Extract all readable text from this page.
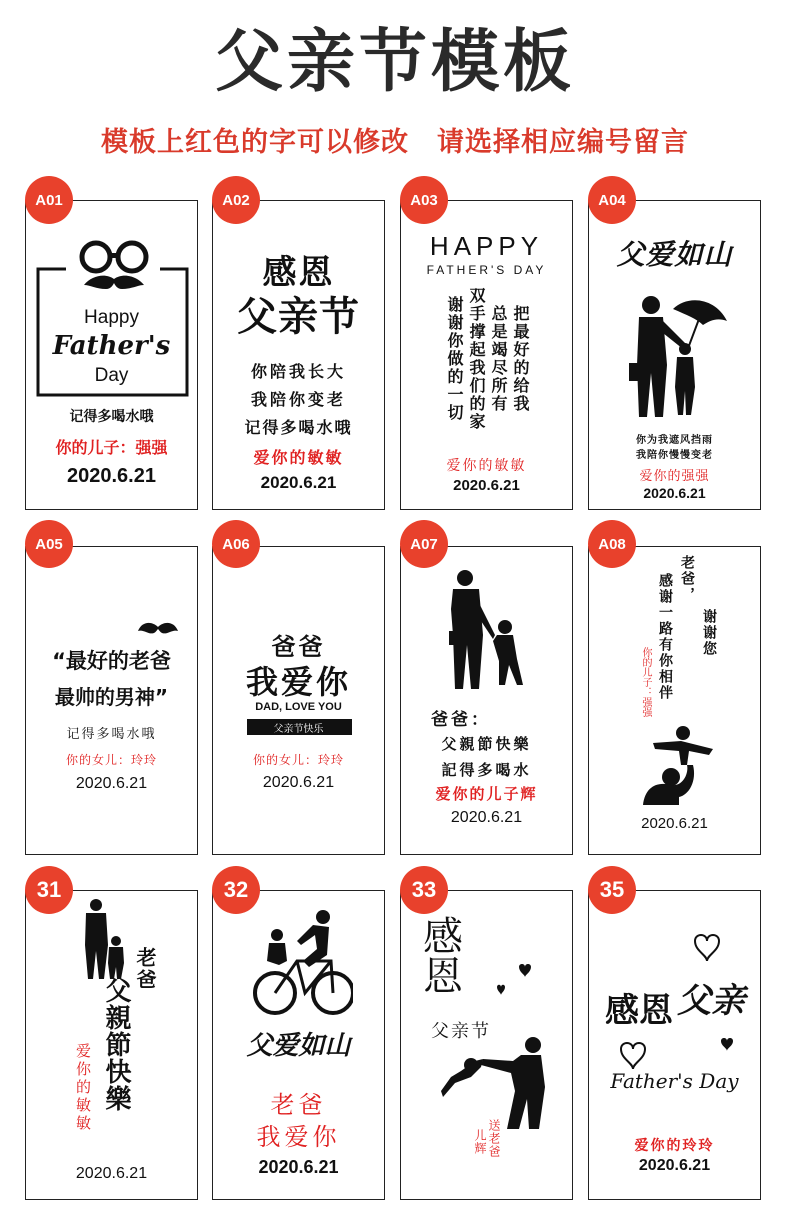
父亲节模板
模板上红色的字可以修改　请选择相应编号留言
A01
Happy
Father's
Day
记得多喝水哦
你的儿子：强强
2020.6.21
A02
感恩
父亲节
你陪我长大
我陪你变老
记得多喝水哦
爱你的敏敏
2020.6.21
A03
HAPPY
FATHER'S DAY
谢谢你做的一切 双手撑起我们的家 总是竭尽所有 把最好的给我
爱你的敏敏
2020.6.21
A04
父爱如山
你为我遮风挡雨
我陪你慢慢变老
爱你的强强
2020.6.21
A05
“最好的老爸
最帅的男神”
记得多喝水哦
你的女儿：玲玲
2020.6.21
A06
爸爸
我爱你
DAD, LOVE YOU
父亲节快乐
你的女儿：玲玲
2020.6.21
A07
爸爸：
父親節快樂
記得多喝水
爱你的儿子辉
2020.6.21
A08
老爸，
感谢一路有你相伴 谢谢您
你的儿子：强强
2020.6.21
31
老爸
父親節快樂
爱你的敏敏
2020.6.21
32
父爱如山
老爸
我爱你
2020.6.21
33
感恩
父亲节
儿辉 送老爸
35
感恩 父亲
Father's Day
爱你的玲玲
2020.6.21
